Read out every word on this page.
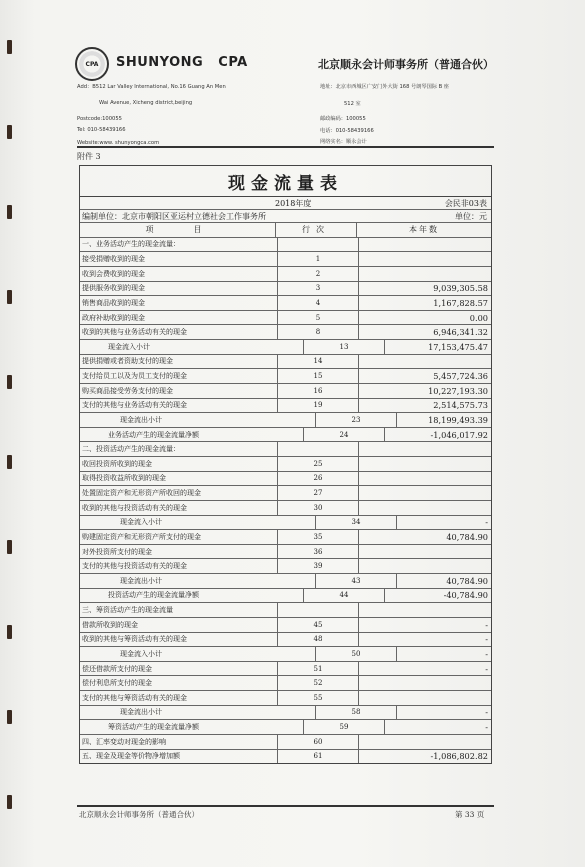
CPA	SHUNYONG   CPA	北京顺永会计师事务所（普通合伙）
Add：B512 Lar Valley International, No.16 Guang An Men
Wai Avenue, Xicheng district,beijing
Postcode:100055
Tel: 010-58439166
Website:www. shunyongca.com
地址：北京市西城区广安门外大街 168 号朗琴国际 B 座
512 室
邮政编码：100055
电话：010-58439166
网络实名：顺永会计
附件 3
现金流量表
2018年度	会民非03表
编制单位：北京市朝阳区亚运村立德社会工作事务所	单位：元
项　　目	行次	本年数
一、业务活动产生的现金流量：
接受捐赠收到的现金	1
收到会费收到的现金	2
提供服务收到的现金	3	9,039,305.58
销售商品收到的现金	4	1,167,828.57
政府补助收到的现金	5	0.00
收到的其他与业务活动有关的现金	8	6,946,341.32
现金流入小计	13	17,153,475.47
提供捐赠或者资助支付的现金	14
支付给员工以及为员工支付的现金	15	5,457,724.36
购买商品接受劳务支付的现金	16	10,227,193.30
支付的其他与业务活动有关的现金	19	2,514,575.73
现金流出小计	23	18,199,493.39
业务活动产生的现金流量净额	24	-1,046,017.92
二、投资活动产生的现金流量：
收回投资所收到的现金	25
取得投资收益所收到的现金	26
处置固定资产和无形资产所收回的现金	27
收到的其他与投资活动有关的现金	30
现金流入小计	34	-
购建固定资产和无形资产所支付的现金	35	40,784.90
对外投资所支付的现金	36
支付的其他与投资活动有关的现金	39
现金流出小计	43	40,784.90
投资活动产生的现金流量净额	44	-40,784.90
三、筹资活动产生的现金流量
借款所收到的现金	45	-
收到的其他与筹资活动有关的现金	48	-
现金流入小计	50	-
偿还借款所支付的现金	51	-
偿付利息所支付的现金	52
支付的其他与筹资活动有关的现金	55
现金流出小计	58	-
筹资活动产生的现金流量净额	59	-
四、汇率变动对现金的影响	60
五、现金及现金等价物净增加额	61	-1,086,802.82
北京顺永会计师事务所（普通合伙）	第 33 页
